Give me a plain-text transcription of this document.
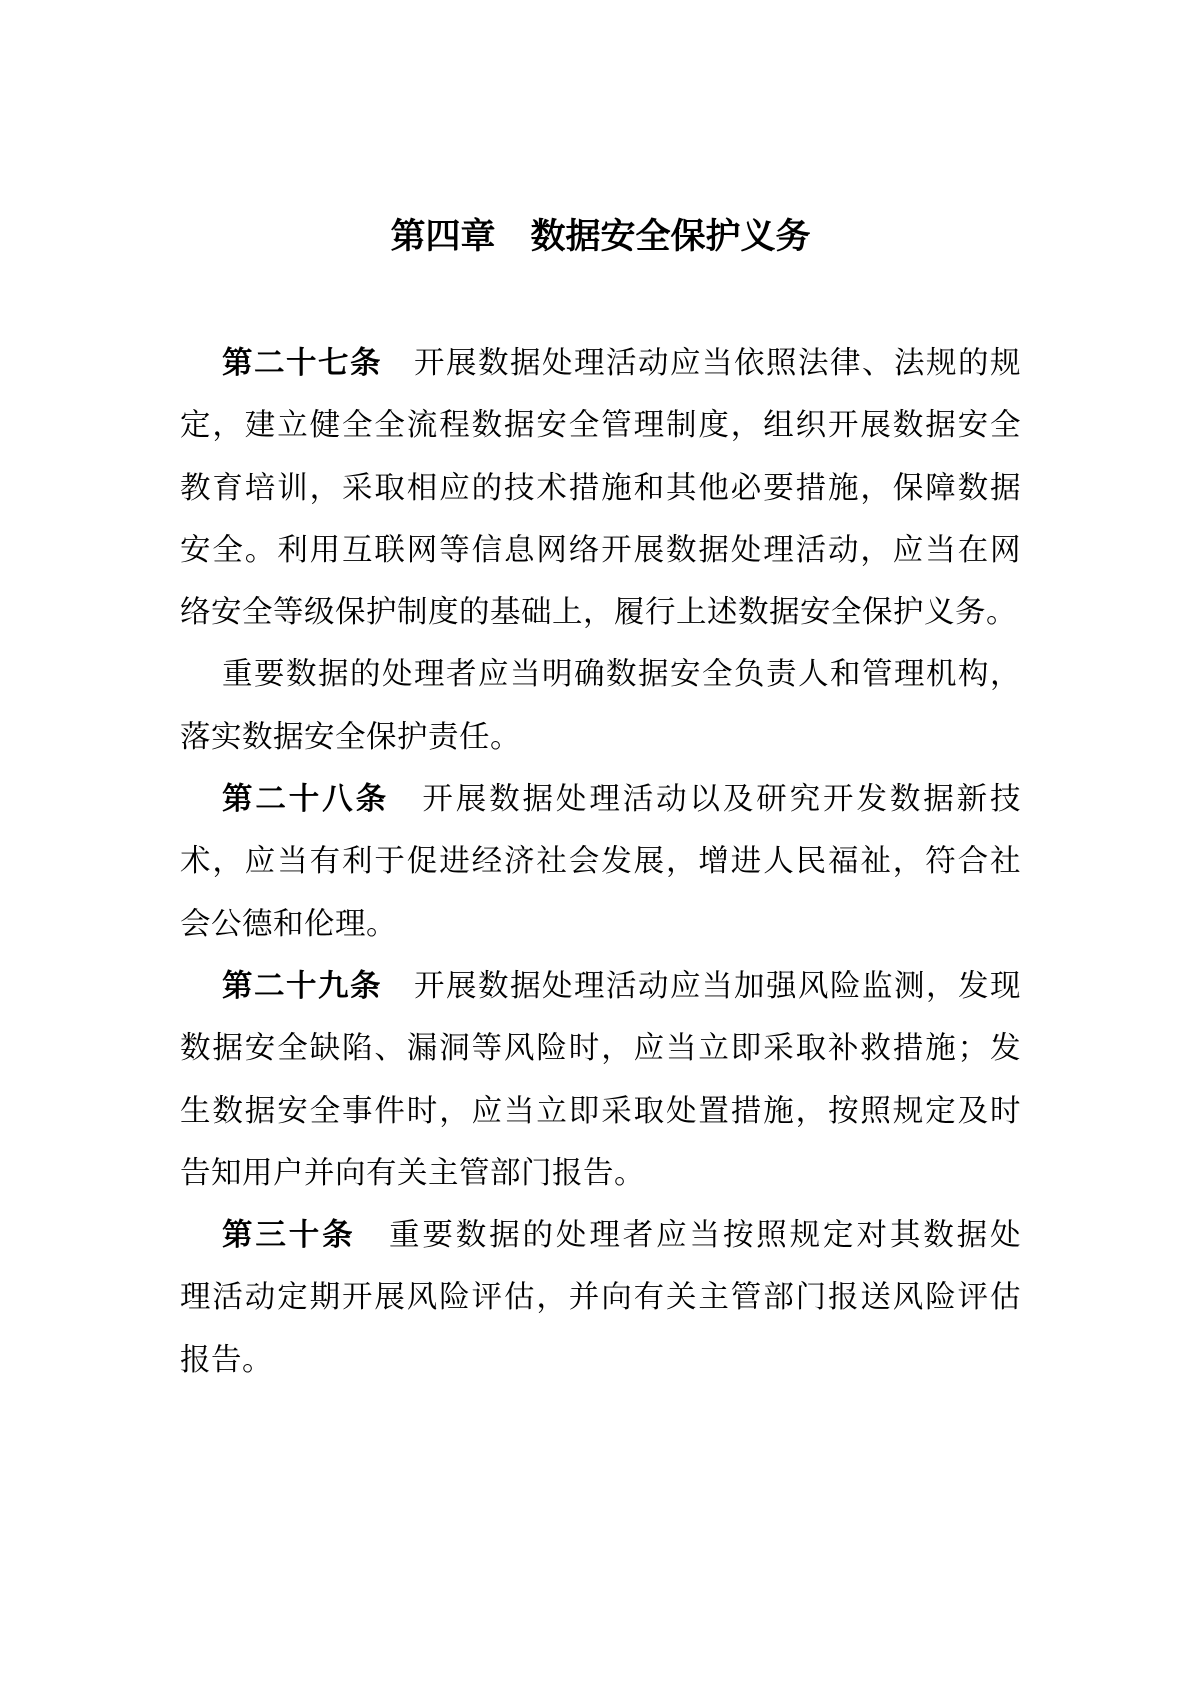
第四章　数据安全保护义务
第二十七条　开展数据处理活动应当依照法律、法规的规
定，建立健全全流程数据安全管理制度，组织开展数据安全
教育培训，采取相应的技术措施和其他必要措施，保障数据
安全。利用互联网等信息网络开展数据处理活动，应当在网
络安全等级保护制度的基础上，履行上述数据安全保护义务。
重要数据的处理者应当明确数据安全负责人和管理机构，
落实数据安全保护责任。
第二十八条　开展数据处理活动以及研究开发数据新技
术，应当有利于促进经济社会发展，增进人民福祉，符合社
会公德和伦理。
第二十九条　开展数据处理活动应当加强风险监测，发现
数据安全缺陷、漏洞等风险时，应当立即采取补救措施；发
生数据安全事件时，应当立即采取处置措施，按照规定及时
告知用户并向有关主管部门报告。
第三十条　重要数据的处理者应当按照规定对其数据处
理活动定期开展风险评估，并向有关主管部门报送风险评估
报告。
